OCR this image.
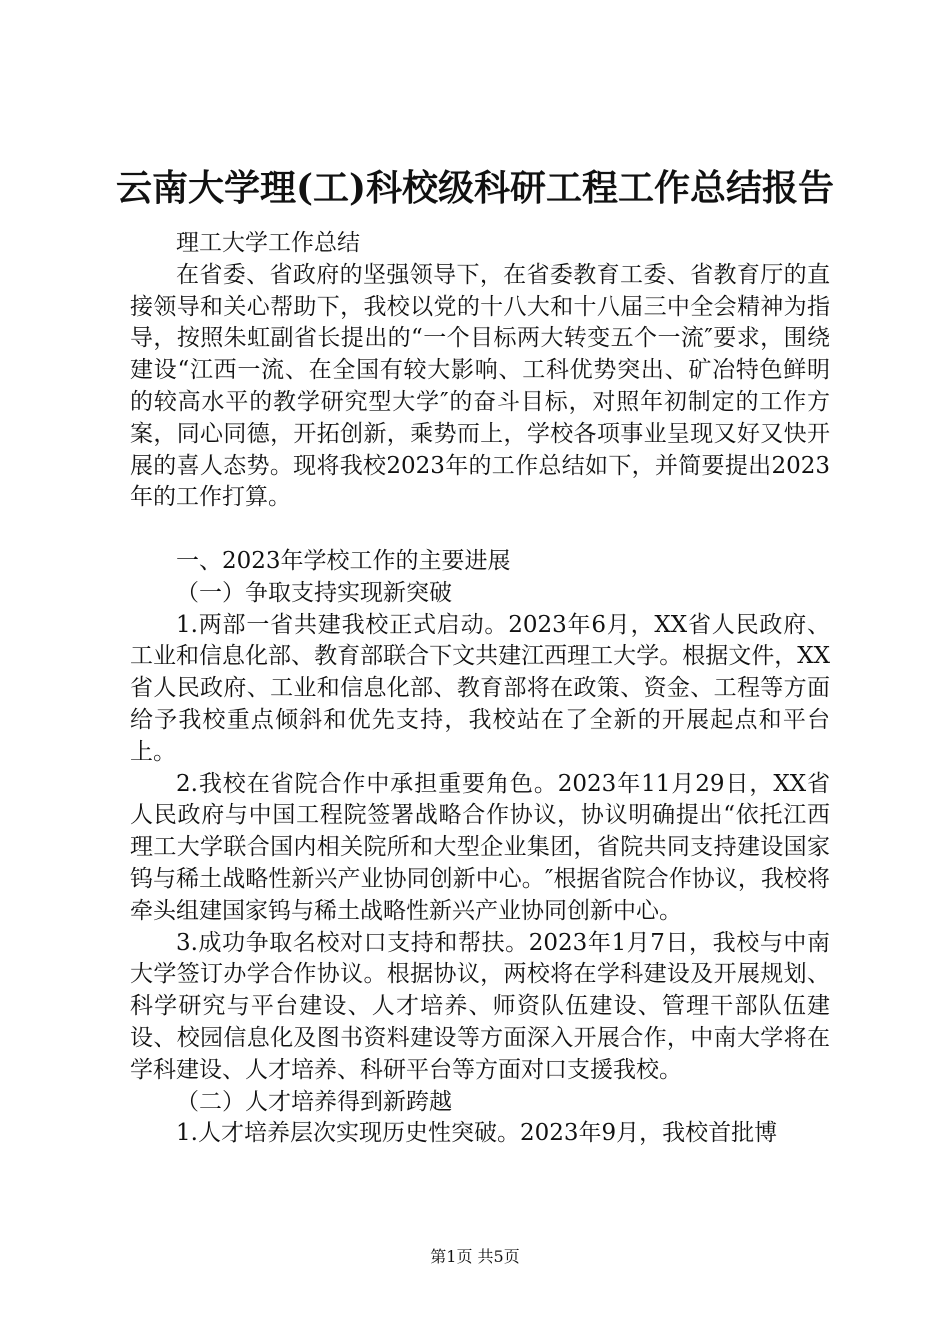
云南大学理(工)科校级科研工程工作总结报告

理工大学工作总结

在省委、省政府的坚强领导下，在省委教育工委、省教育厅的直接领导和关心帮助下，我校以党的十八大和十八届三中全会精神为指导，按照朱虹副省长提出的“一个目标两大转变五个一流″要求，围绕建设“江西一流、在全国有较大影响、工科优势突出、矿冶特色鲜明的较高水平的教学研究型大学″的奋斗目标，对照年初制定的工作方案，同心同德，开拓创新，乘势而上，学校各项事业呈现又好又快开展的喜人态势。现将我校2023年的工作总结如下，并简要提出2023年的工作打算。

一、2023年学校工作的主要进展

（一）争取支持实现新突破

1.两部一省共建我校正式启动。2023年6月，XX省人民政府、工业和信息化部、教育部联合下文共建江西理工大学。根据文件，XX省人民政府、工业和信息化部、教育部将在政策、资金、工程等方面给予我校重点倾斜和优先支持，我校站在了全新的开展起点和平台上。

2.我校在省院合作中承担重要角色。2023年11月29日，XX省人民政府与中国工程院签署战略合作协议，协议明确提出“依托江西理工大学联合国内相关院所和大型企业集团，省院共同支持建设国家钨与稀土战略性新兴产业协同创新中心。″根据省院合作协议，我校将牵头组建国家钨与稀土战略性新兴产业协同创新中心。

3.成功争取名校对口支持和帮扶。2023年1月7日，我校与中南大学签订办学合作协议。根据协议，两校将在学科建设及开展规划、科学研究与平台建设、人才培养、师资队伍建设、管理干部队伍建设、校园信息化及图书资料建设等方面深入开展合作，中南大学将在学科建设、人才培养、科研平台等方面对口支援我校。

（二）人才培养得到新跨越

1.人才培养层次实现历史性突破。2023年9月，我校首批博

第1页 共5页
